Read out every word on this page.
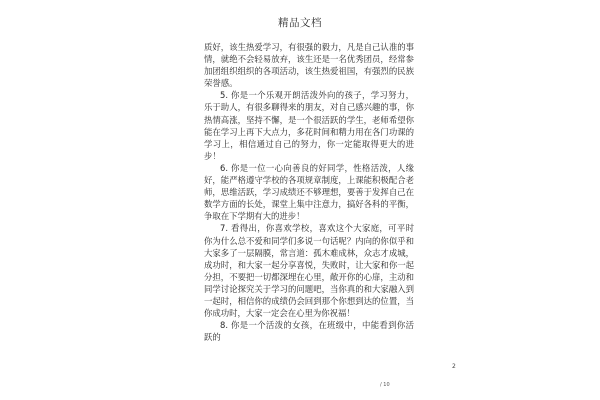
精品文档

质好，该生热爱学习，有很强的毅力，凡是自己认准的事情，就绝不会轻易放弃，该生还是一名优秀团员，经常参加团组织组织的各项活动，该生热爱祖国，有强烈的民族荣誉感。

5. 你是一个乐观开朗活泼外向的孩子，学习努力，乐于助人，有很多聊得来的朋友，对自己感兴趣的事，你热情高涨，坚持不懈，是一个很活跃的学生，老师希望你能在学习上再下大点力，多花时间和精力用在各门功课的学习上，相信通过自己的努力，你一定能取得更大的进步！

6. 你是一位一心向善良的好同学，性格活泼，人缘好，能严格遵守学校的各项规章制度，上课能积极配合老师，思维活跃，学习成绩还不够理想，要善于发挥自己在数学方面的长处，课堂上集中注意力，搞好各科的平衡，争取在下学期有大的进步！

7. 看得出，你喜欢学校，喜欢这个大家庭，可平时你为什么总不爱和同学们多说一句话呢？内向的你似乎和大家多了一层隔膜，常言道：孤木难成林，众志才成城，成功时，和大家一起分享喜悦，失败时，让大家和你一起分担，不要把一切都深埋在心里，敞开你的心扉，主动和同学讨论探究关于学习的问题吧，当你真的和大家融入到一起时，相信你的成绩仍会回到那个你想到达的位置，当你成功时，大家一定会在心里为你祝福！

8. 你是一个活泼的女孩，在班级中，中能看到你活跃的

2
/ 10
